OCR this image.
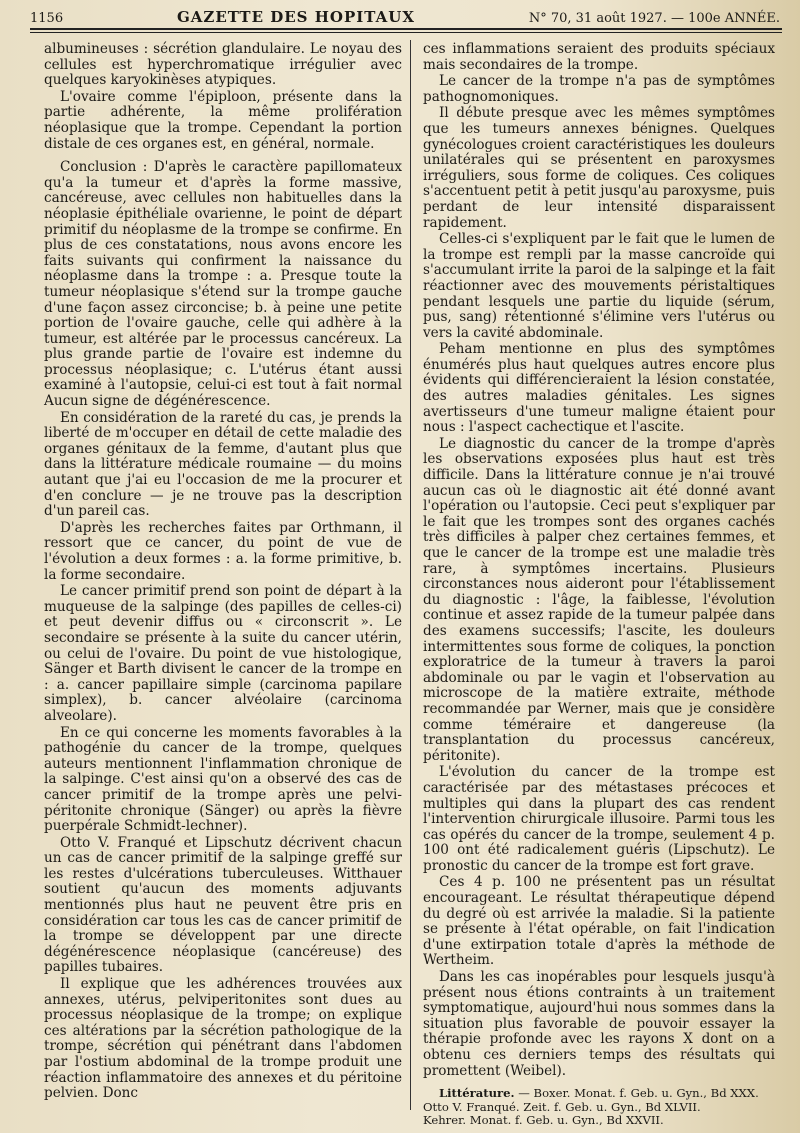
1156	GAZETTE DES HOPITAUX	N° 70, 31 août 1927. — 100e ANNÉE.

albumineuses : sécrétion glandulaire. Le noyau des cellules est hyperchromatique irrégulier avec quelques karyokinèses atypiques.

L'ovaire comme l'épiploon, présente dans la partie adhérente, la même prolifération néoplasique que la trompe. Cependant la portion distale de ces organes est, en général, normale.

Conclusion : D'après le caractère papillomateux qu'a la tumeur et d'après la forme massive, cancéreuse, avec cellules non habituelles dans la néoplasie épithéliale ovarienne, le point de départ primitif du néoplasme de la trompe se confirme. En plus de ces constatations, nous avons encore les faits suivants qui confirment la naissance du néoplasme dans la trompe : a. Presque toute la tumeur néoplasique s'étend sur la trompe gauche d'une façon assez circoncise; b. à peine une petite portion de l'ovaire gauche, celle qui adhère à la tumeur, est altérée par le processus cancéreux. La plus grande partie de l'ovaire est indemne du processus néoplasique; c. L'utérus étant aussi examiné à l'autopsie, celui-ci est tout à fait normal Aucun signe de dégénérescence.

En considération de la rareté du cas, je prends la liberté de m'occuper en détail de cette maladie des organes génitaux de la femme, d'autant plus que dans la littérature médicale roumaine — du moins autant que j'ai eu l'occasion de me la procurer et d'en conclure — je ne trouve pas la description d'un pareil cas.

D'après les recherches faites par Orthmann, il ressort que ce cancer, du point de vue de l'évolution a deux formes : a. la forme primitive, b. la forme secondaire.

Le cancer primitif prend son point de départ à la muqueuse de la salpinge (des papilles de celles-ci) et peut devenir diffus ou « circonscrit ». Le secondaire se présente à la suite du cancer utérin, ou celui de l'ovaire. Du point de vue histologique, Sänger et Barth divisent le cancer de la trompe en : a. cancer papillaire simple (carcinoma papilare simplex), b. cancer alvéolaire (carcinoma alveolare).

En ce qui concerne les moments favorables à la pathogénie du cancer de la trompe, quelques auteurs mentionnent l'inflammation chronique de la salpinge. C'est ainsi qu'on a observé des cas de cancer primitif de la trompe après une pelvi-péritonite chronique (Sänger) ou après la fièvre puerpérale Schmidt-lechner).

Otto V. Franqué et Lipschutz décrivent chacun un cas de cancer primitif de la salpinge greffé sur les restes d'ulcérations tuberculeuses. Witthauer soutient qu'aucun des moments adjuvants mentionnés plus haut ne peuvent être pris en considération car tous les cas de cancer primitif de la trompe se développent par une directe dégénérescence néoplasique (cancéreuse) des papilles tubaires.

Il explique que les adhérences trouvées aux annexes, utérus, pelviperitonites sont dues au processus néoplasique de la trompe; on explique ces altérations par la sécrétion pathologique de la trompe, sécrétion qui pénétrant dans l'abdomen par l'ostium abdominal de la trompe produit une réaction inflammatoire des annexes et du péritoine pelvien. Donc

ces inflammations seraient des produits spéciaux mais secondaires de la trompe.

Le cancer de la trompe n'a pas de symptômes pathognomoniques.

Il débute presque avec les mêmes symptômes que les tumeurs annexes bénignes. Quelques gynécologues croient caractéristiques les douleurs unilatérales qui se présentent en paroxysmes irréguliers, sous forme de coliques. Ces coliques s'accentuent petit à petit jusqu'au paroxysme, puis perdant de leur intensité disparaissent rapidement.

Celles-ci s'expliquent par le fait que le lumen de la trompe est rempli par la masse cancroïde qui s'accumulant irrite la paroi de la salpinge et la fait réactionner avec des mouvements péristaltiques pendant lesquels une partie du liquide (sérum, pus, sang) rétentionné s'élimine vers l'utérus ou vers la cavité abdominale.

Peham mentionne en plus des symptômes énumérés plus haut quelques autres encore plus évidents qui différencieraient la lésion constatée, des autres maladies génitales. Les signes avertisseurs d'une tumeur maligne étaient pour nous : l'aspect cachectique et l'ascite.

Le diagnostic du cancer de la trompe d'après les observations exposées plus haut est très difficile. Dans la littérature connue je n'ai trouvé aucun cas où le diagnostic ait été donné avant l'opération ou l'autopsie. Ceci peut s'expliquer par le fait que les trompes sont des organes cachés très difficiles à palper chez certaines femmes, et que le cancer de la trompe est une maladie très rare, à symptômes incertains. Plusieurs circonstances nous aideront pour l'établissement du diagnostic : l'âge, la faiblesse, l'évolution continue et assez rapide de la tumeur palpée dans des examens successifs; l'ascite, les douleurs intermittentes sous forme de coliques, la ponction exploratrice de la tumeur à travers la paroi abdominale ou par le vagin et l'observation au microscope de la matière extraite, méthode recommandée par Werner, mais que je considère comme téméraire et dangereuse (la transplantation du processus cancéreux, péritonite).

L'évolution du cancer de la trompe est caractérisée par des métastases précoces et multiples qui dans la plupart des cas rendent l'intervention chirurgicale illusoire. Parmi tous les cas opérés du cancer de la trompe, seulement 4 p. 100 ont été radicalement guéris (Lipschutz). Le pronostic du cancer de la trompe est fort grave.

Ces 4 p. 100 ne présentent pas un résultat encourageant. Le résultat thérapeutique dépend du degré où est arrivée la maladie. Si la patiente se présente à l'état opérable, on fait l'indication d'une extirpation totale d'après la méthode de Wertheim.

Dans les cas inopérables pour lesquels jusqu'à présent nous étions contraints à un traitement symptomatique, aujourd'hui nous sommes dans la situation plus favorable de pouvoir essayer la thérapie profonde avec les rayons X dont on a obtenu ces derniers temps des résultats qui promettent (Weibel).

Littérature. — Boxer. Monat. f. Geb. u. Gyn., Bd XXX.
Otto V. Franqué. Zeit. f. Geb. u. Gyn., Bd XLVII.
Kehrer. Monat. f. Geb. u. Gyn., Bd XXVII.
